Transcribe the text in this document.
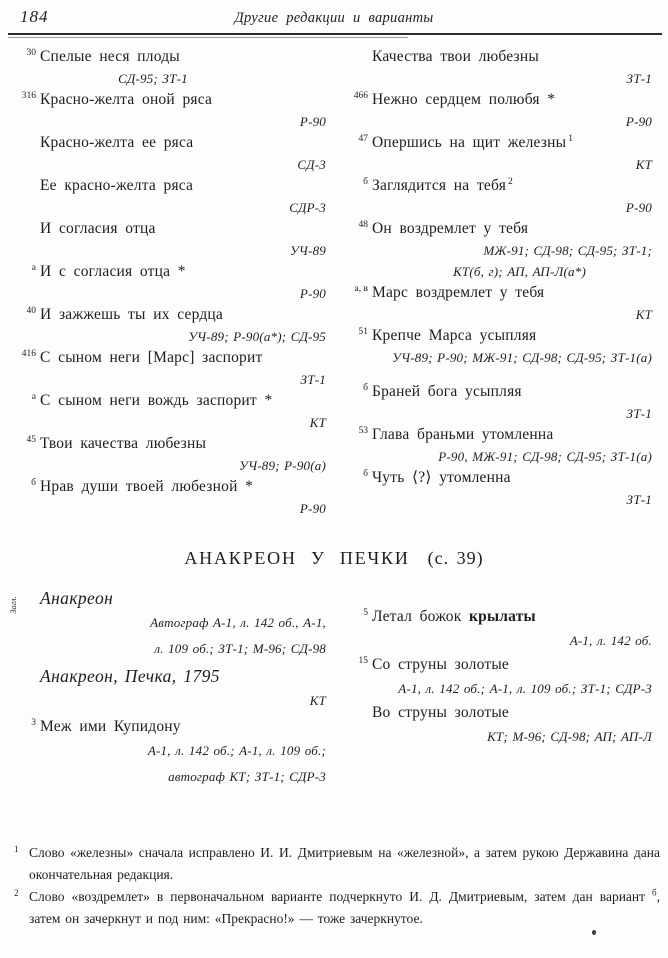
184	Другие редакции и варианты
30 Спелые неся плоды
СД-95; ЗТ-1
316 Красно-желта оной ряса
Р-90
Красно-желта ее ряса
СД-3
Ее красно-желта ряса
СДР-3
И согласия отца
УЧ-89
а И с согласия отца *
Р-90
40 И зажжешь ты их сердца
УЧ-89; Р-90(а*); СД-95
416 С сыном неги [Марс] заспорит
ЗТ-1
а С сыном неги вождь заспорит *
КТ
45 Твои качества любезны
УЧ-89; Р-90(а)
б Нрав души твоей любезной *
Р-90
Качества твои любезны
ЗТ-1
466 Нежно сердцем полюбя *
Р-90
47 Опершись на щит железны $^1$
КТ
б Заглядится на тебя $^2$
Р-90
48 Он воздремлет у тебя
МЖ-91; СД-98; СД-95; ЗТ-1;
КТ(б, г); АП, АП-Л(а*)
а, в Марс воздремлет у тебя
КТ
51 Крепче Марса усыпляя
УЧ-89; Р-90; МЖ-91; СД-98; СД-95; ЗТ-1(а)
б Браней бога усыпляя
ЗТ-1
53 Глава браньми утомленна
Р-90, МЖ-91; СД-98; СД-95; ЗТ-1(а)
б Чуть ⟨?⟩ утомленна
ЗТ-1
АНАКРЕОН У ПЕЧКИ (с. 39)
Загл.	Анакреон
Автограф А-1, л. 142 об., А-1,
л. 109 об.; ЗТ-1; М-96; СД-98
Анакреон, Печка, 1795
КТ
3 Меж ими Купидону
А-1, л. 142 об.; А-1, л. 109 об.;
автограф КТ; ЗТ-1; СДР-3
5 Летал божок крылаты
А-1, л. 142 об.
15 Со струны золотые
А-1, л. 142 об.; А-1, л. 109 об.; ЗТ-1; СДР-3
Во струны золотые
КТ; М-96; СД-98; АП; АП-Л
1 Слово «железны» сначала исправлено И. И. Дмитриевым на «железной», а затем рукою Державина дана окончательная редакция.
2 Слово «воздремлет» в первоначальном варианте подчеркнуто И. Д. Дмитриевым, затем дан вариант $^б$, затем он зачеркнут и под ним: «Прекрасно!» — тоже зачеркнутое.
